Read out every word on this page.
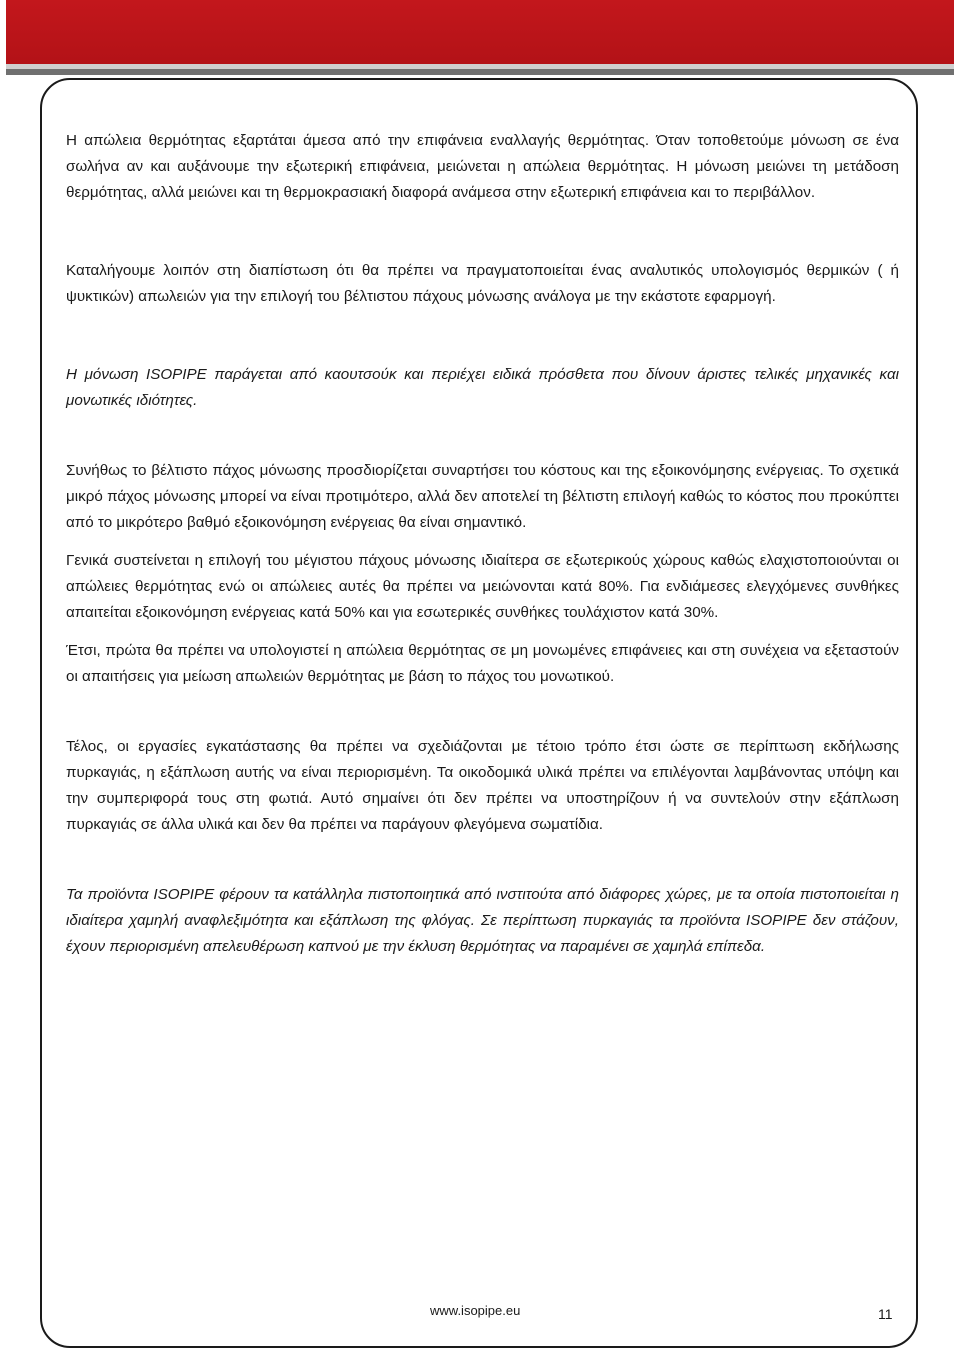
Η απώλεια θερμότητας εξαρτάται άμεσα από την επιφάνεια εναλλαγής θερμότητας. Όταν τοποθετούμε μόνωση σε ένα σωλήνα αν και αυξάνουμε την εξωτερική επιφάνεια, μειώνεται η απώλεια θερμότητας. Η μόνωση μειώνει τη μετάδοση θερμότητας, αλλά μειώνει και τη θερμοκρασιακή διαφορά ανάμεσα στην εξωτερική επιφάνεια και το περιβάλλον.

Καταλήγουμε λοιπόν στη διαπίστωση ότι θα πρέπει να πραγματοποιείται ένας αναλυτικός υπολογισμός θερμικών ( ή ψυκτικών) απωλειών για την επιλογή του βέλτιστου πάχους μόνωσης ανάλογα με την εκάστοτε εφαρμογή.

Η μόνωση ISOPIPE παράγεται από καουτσούκ και περιέχει ειδικά πρόσθετα που δίνουν άριστες τελικές μηχανικές και μονωτικές ιδιότητες.

Συνήθως το βέλτιστο πάχος μόνωσης προσδιορίζεται συναρτήσει του κόστους και της εξοικονόμησης ενέργειας. Το σχετικά μικρό πάχος μόνωσης μπορεί να είναι προτιμότερο, αλλά δεν αποτελεί τη βέλτιστη επιλογή καθώς το κόστος που προκύπτει από το μικρότερο βαθμό εξοικονόμηση ενέργειας θα είναι σημαντικό.

Γενικά συστείνεται η επιλογή του μέγιστου πάχους μόνωσης ιδιαίτερα σε εξωτερικούς χώρους καθώς ελαχιστοποιούνται οι απώλειες θερμότητας ενώ οι απώλειες αυτές θα πρέπει να μειώνονται κατά 80%. Για ενδιάμεσες ελεγχόμενες συνθήκες απαιτείται εξοικονόμηση ενέργειας κατά 50% και για εσωτερικές συνθήκες τουλάχιστον κατά 30%.

Έτσι, πρώτα θα πρέπει να υπολογιστεί η απώλεια θερμότητας σε μη μονωμένες επιφάνειες και στη συνέχεια να εξεταστούν οι απαιτήσεις για μείωση απωλειών θερμότητας με βάση το πάχος του μονωτικού.

Τέλος, οι εργασίες εγκατάστασης θα πρέπει να σχεδιάζονται με τέτοιο τρόπο έτσι ώστε σε περίπτωση εκδήλωσης πυρκαγιάς, η εξάπλωση αυτής να είναι περιορισμένη. Τα οικοδομικά υλικά πρέπει να επιλέγονται λαμβάνοντας υπόψη και την συμπεριφορά τους στη φωτιά. Αυτό σημαίνει ότι δεν πρέπει να υποστηρίζουν ή να συντελούν στην εξάπλωση πυρκαγιάς σε άλλα υλικά και δεν θα πρέπει να παράγουν φλεγόμενα σωματίδια.

Τα προϊόντα ISOPIPE φέρουν τα κατάλληλα πιστοποιητικά από ινστιτούτα από διάφορες χώρες, με τα οποία πιστοποιείται η ιδιαίτερα χαμηλή αναφλεξιμότητα και εξάπλωση της φλόγας. Σε περίπτωση πυρκαγιάς τα προϊόντα ISOPIPE δεν στάζουν, έχουν περιορισμένη απελευθέρωση καπνού με την έκλυση θερμότητας να παραμένει σε χαμηλά επίπεδα.

www.isopipe.eu	11
